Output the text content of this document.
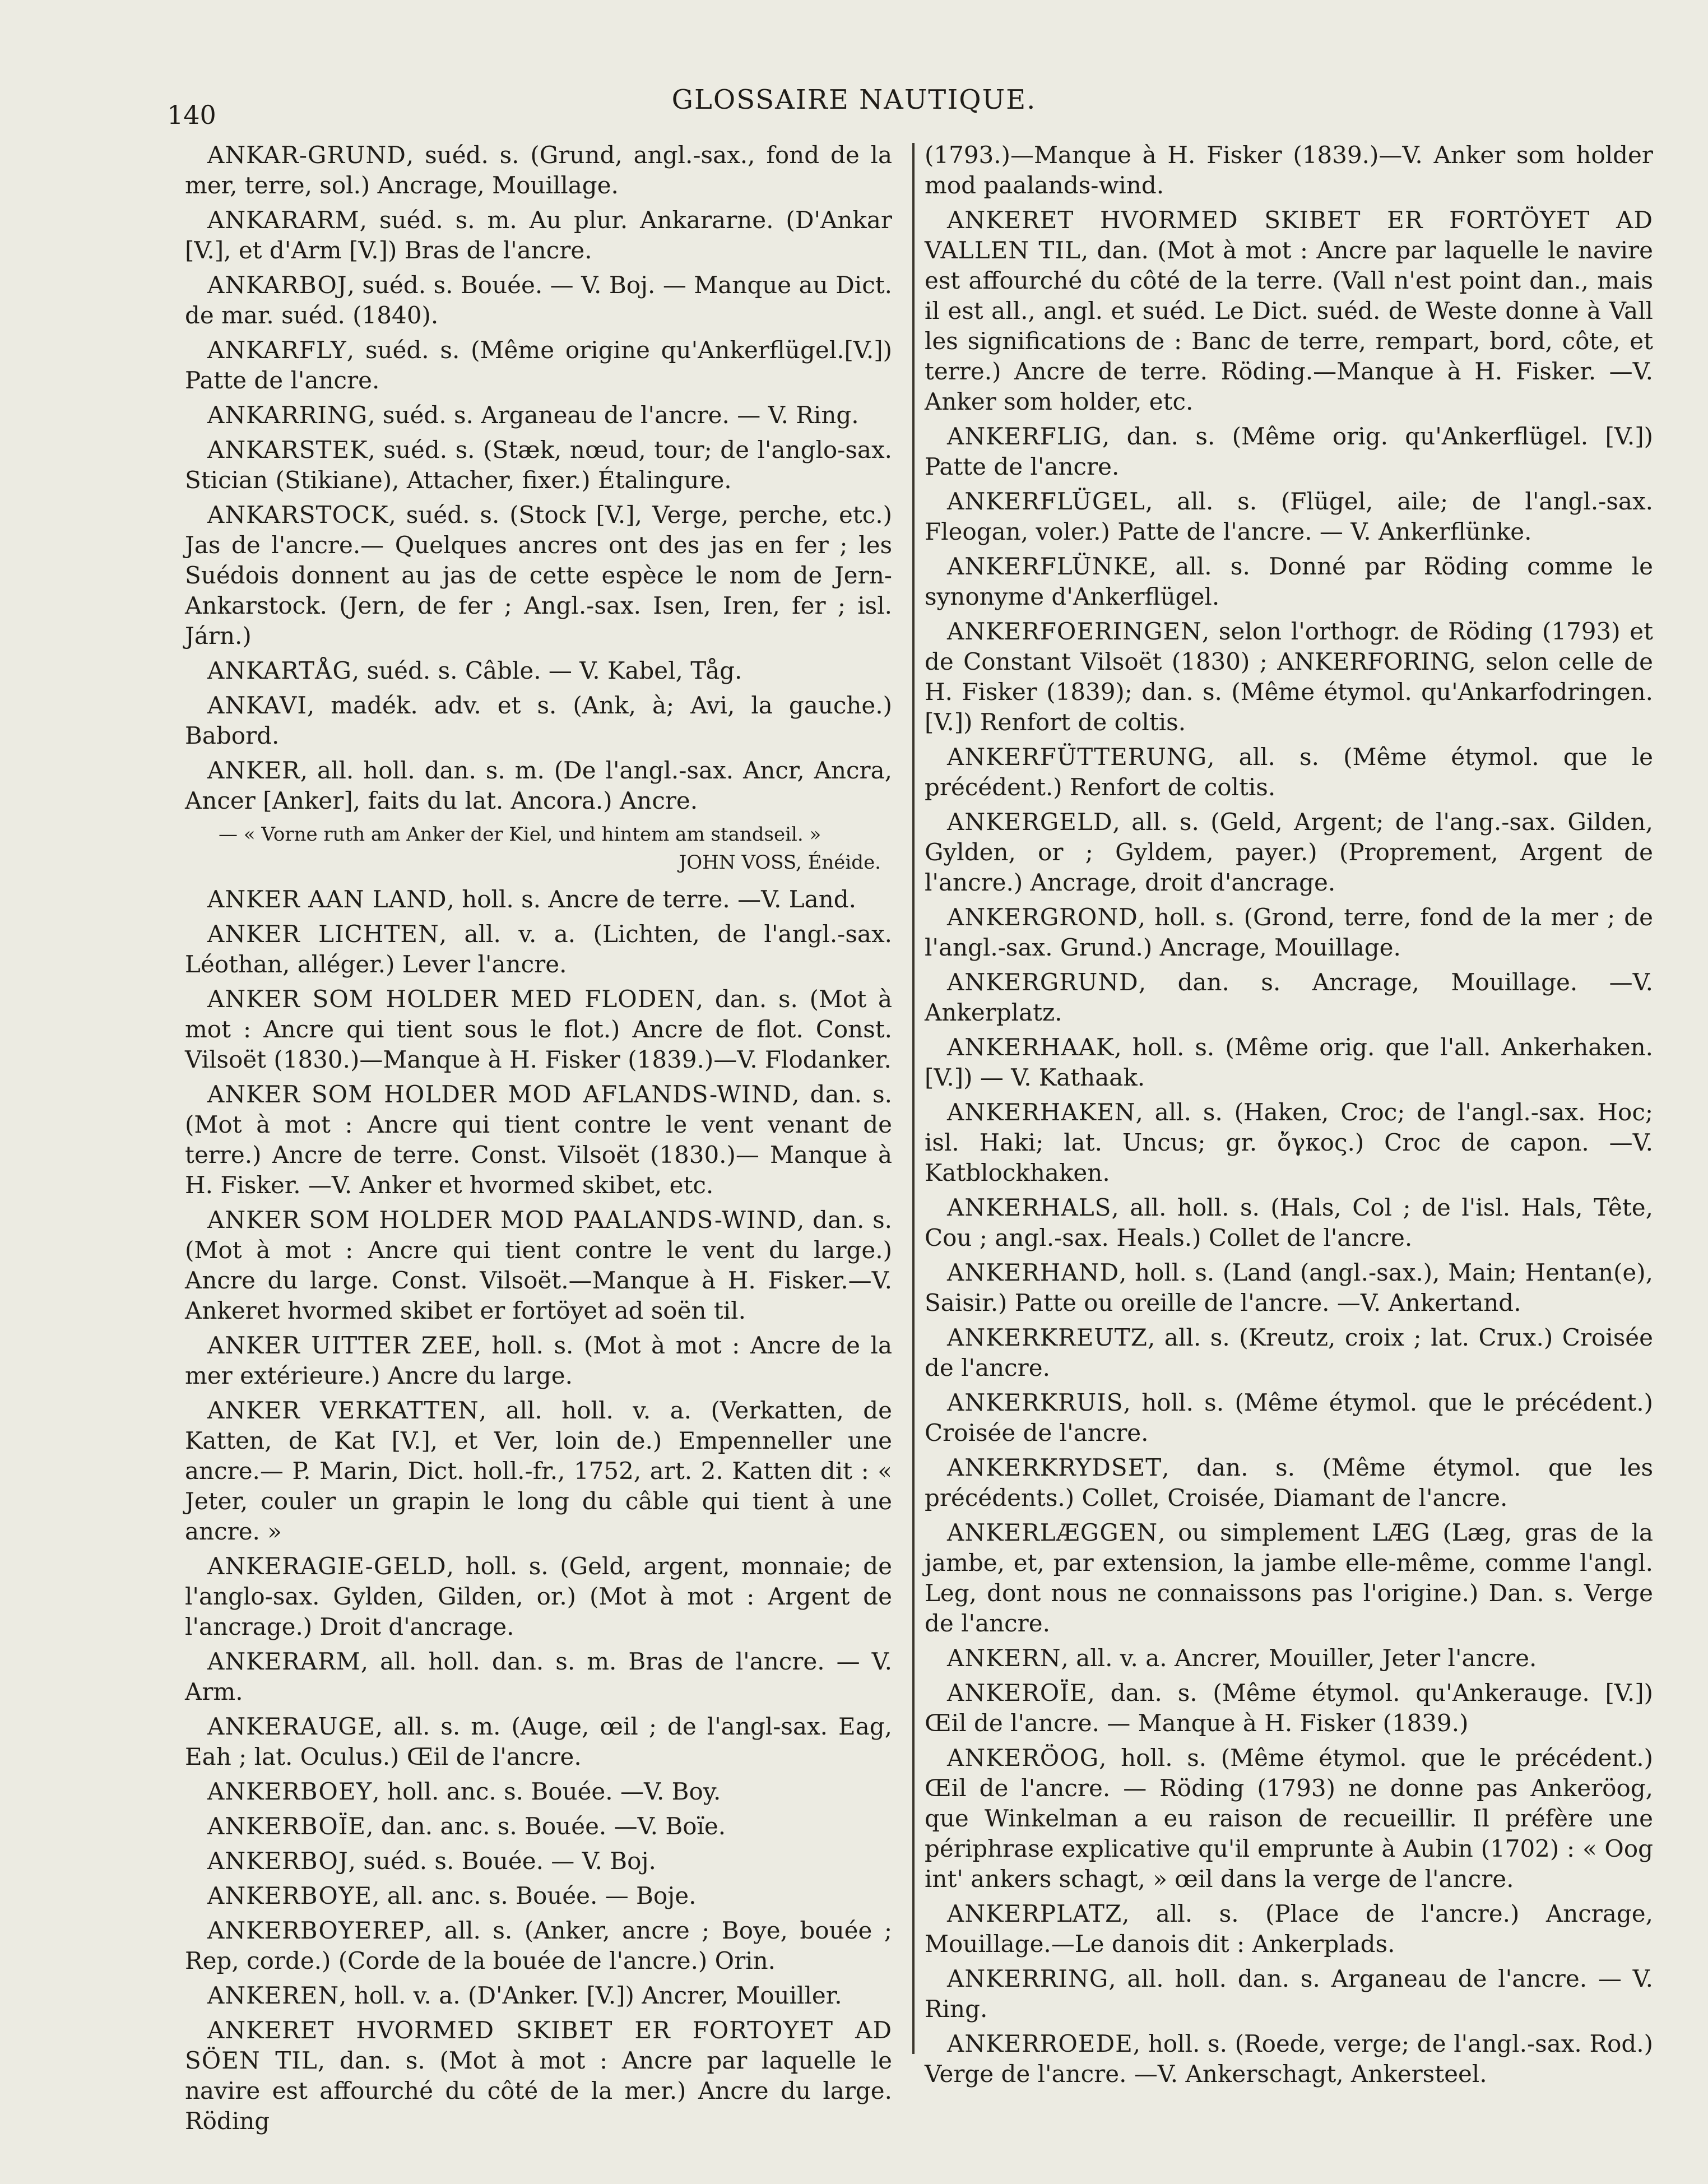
140	GLOSSAIRE NAUTIQUE.

ANKAR-GRUND, suéd. s. (Grund, angl.-sax., fond de la mer, terre, sol.) Ancrage, Mouillage.

ANKARARM, suéd. s. m. Au plur. Ankararne. (D'Ankar [V.], et d'Arm [V.]) Bras de l'ancre.

ANKARBOJ, suéd. s. Bouée. — V. Boj. — Manque au Dict. de mar. suéd. (1840).

ANKARFLY, suéd. s. (Même origine qu'Ankerflügel.[V.]) Patte de l'ancre.

ANKARRING, suéd. s. Arganeau de l'ancre. — V. Ring.

ANKARSTEK, suéd. s. (Stæk, nœud, tour; de l'anglo-sax. Stician (Stikiane), Attacher, fixer.) Étalingure.

ANKARSTOCK, suéd. s. (Stock [V.], Verge, perche, etc.) Jas de l'ancre.— Quelques ancres ont des jas en fer ; les Suédois donnent au jas de cette espèce le nom de Jern-Ankarstock. (Jern, de fer ; Angl.-sax. Isen, Iren, fer ; isl. Járn.)

ANKARTÅG, suéd. s. Câble. — V. Kabel, Tåg.

ANKAVI, madék. adv. et s. (Ank, à; Avi, la gauche.) Babord.

ANKER, all. holl. dan. s. m. (De l'angl.-sax. Ancr, Ancra, Ancer [Anker], faits du lat. Ancora.) Ancre.

— « Vorne ruth am Anker der Kiel, und hintem am standseil. »

JOHN VOSS, Énéide.

ANKER AAN LAND, holl. s. Ancre de terre. —V. Land.

ANKER LICHTEN, all. v. a. (Lichten, de l'angl.-sax. Léothan, alléger.) Lever l'ancre.

ANKER SOM HOLDER MED FLODEN, dan. s. (Mot à mot : Ancre qui tient sous le flot.) Ancre de flot. Const. Vilsoët (1830.)—Manque à H. Fisker (1839.)—V. Flodanker.

ANKER SOM HOLDER MOD AFLANDS-WIND, dan. s. (Mot à mot : Ancre qui tient contre le vent venant de terre.) Ancre de terre. Const. Vilsoët (1830.)— Manque à H. Fisker. —V. Anker et hvormed skibet, etc.

ANKER SOM HOLDER MOD PAALANDS-WIND, dan. s. (Mot à mot : Ancre qui tient contre le vent du large.) Ancre du large. Const. Vilsoët.—Manque à H. Fisker.—V. Ankeret hvormed skibet er fortöyet ad soën til.

ANKER UITTER ZEE, holl. s. (Mot à mot : Ancre de la mer extérieure.) Ancre du large.

ANKER VERKATTEN, all. holl. v. a. (Verkatten, de Katten, de Kat [V.], et Ver, loin de.) Empenneller une ancre.— P. Marin, Dict. holl.-fr., 1752, art. 2. Katten dit : « Jeter, couler un grapin le long du câble qui tient à une ancre. »

ANKERAGIE-GELD, holl. s. (Geld, argent, monnaie; de l'anglo-sax. Gylden, Gilden, or.) (Mot à mot : Argent de l'ancrage.) Droit d'ancrage.

ANKERARM, all. holl. dan. s. m. Bras de l'ancre. — V. Arm.

ANKERAUGE, all. s. m. (Auge, œil ; de l'angl-sax. Eag, Eah ; lat. Oculus.) Œil de l'ancre.

ANKERBOEY, holl. anc. s. Bouée. —V. Boy.

ANKERBOÏE, dan. anc. s. Bouée. —V. Boïe.

ANKERBOJ, suéd. s. Bouée. — V. Boj.

ANKERBOYE, all. anc. s. Bouée. — Boje.

ANKERBOYEREP, all. s. (Anker, ancre ; Boye, bouée ; Rep, corde.) (Corde de la bouée de l'ancre.) Orin.

ANKEREN, holl. v. a. (D'Anker. [V.]) Ancrer, Mouiller.

ANKERET HVORMED SKIBET ER FORTOYET AD SÖEN TIL, dan. s. (Mot à mot : Ancre par laquelle le navire est affourché du côté de la mer.) Ancre du large. Röding

(1793.)—Manque à H. Fisker (1839.)—V. Anker som holder mod paalands-wind.

ANKERET HVORMED SKIBET ER FORTÖYET AD VALLEN TIL, dan. (Mot à mot : Ancre par laquelle le navire est affourché du côté de la terre. (Vall n'est point dan., mais il est all., angl. et suéd. Le Dict. suéd. de Weste donne à Vall les significations de : Banc de terre, rempart, bord, côte, et terre.) Ancre de terre. Röding.—Manque à H. Fisker. —V. Anker som holder, etc.

ANKERFLIG, dan. s. (Même orig. qu'Ankerflügel. [V.]) Patte de l'ancre.

ANKERFLÜGEL, all. s. (Flügel, aile; de l'angl.-sax. Fleogan, voler.) Patte de l'ancre. — V. Ankerflünke.

ANKERFLÜNKE, all. s. Donné par Röding comme le synonyme d'Ankerflügel.

ANKERFOERINGEN, selon l'orthogr. de Röding (1793) et de Constant Vilsoët (1830) ; ANKERFORING, selon celle de H. Fisker (1839); dan. s. (Même étymol. qu'Ankarfodringen. [V.]) Renfort de coltis.

ANKERFÜTTERUNG, all. s. (Même étymol. que le précédent.) Renfort de coltis.

ANKERGELD, all. s. (Geld, Argent; de l'ang.-sax. Gilden, Gylden, or ; Gyldem, payer.) (Proprement, Argent de l'ancre.) Ancrage, droit d'ancrage.

ANKERGROND, holl. s. (Grond, terre, fond de la mer ; de l'angl.-sax. Grund.) Ancrage, Mouillage.

ANKERGRUND, dan. s. Ancrage, Mouillage. —V. Ankerplatz.

ANKERHAAK, holl. s. (Même orig. que l'all. Ankerhaken. [V.]) — V. Kathaak.

ANKERHAKEN, all. s. (Haken, Croc; de l'angl.-sax. Hoc; isl. Haki; lat. Uncus; gr. ὄγκος.) Croc de capon. —V. Katblockhaken.

ANKERHALS, all. holl. s. (Hals, Col ; de l'isl. Hals, Tête, Cou ; angl.-sax. Heals.) Collet de l'ancre.

ANKERHAND, holl. s. (Land (angl.-sax.), Main; Hentan(e), Saisir.) Patte ou oreille de l'ancre. —V. Ankertand.

ANKERKREUTZ, all. s. (Kreutz, croix ; lat. Crux.) Croisée de l'ancre.

ANKERKRUIS, holl. s. (Même étymol. que le précédent.) Croisée de l'ancre.

ANKERKRYDSET, dan. s. (Même étymol. que les précédents.) Collet, Croisée, Diamant de l'ancre.

ANKERLÆGGEN, ou simplement LÆG (Læg, gras de la jambe, et, par extension, la jambe elle-même, comme l'angl. Leg, dont nous ne connaissons pas l'origine.) Dan. s. Verge de l'ancre.

ANKERN, all. v. a. Ancrer, Mouiller, Jeter l'ancre.

ANKEROÏE, dan. s. (Même étymol. qu'Ankerauge. [V.]) Œil de l'ancre. — Manque à H. Fisker (1839.)

ANKERÖOG, holl. s. (Même étymol. que le précédent.) Œil de l'ancre. — Röding (1793) ne donne pas Ankeröog, que Winkelman a eu raison de recueillir. Il préfère une périphrase explicative qu'il emprunte à Aubin (1702) : « Oog int' ankers schagt, » œil dans la verge de l'ancre.

ANKERPLATZ, all. s. (Place de l'ancre.) Ancrage, Mouillage.—Le danois dit : Ankerplads.

ANKERRING, all. holl. dan. s. Arganeau de l'ancre. — V. Ring.

ANKERROEDE, holl. s. (Roede, verge; de l'angl.-sax. Rod.) Verge de l'ancre. —V. Ankerschagt, Ankersteel.
